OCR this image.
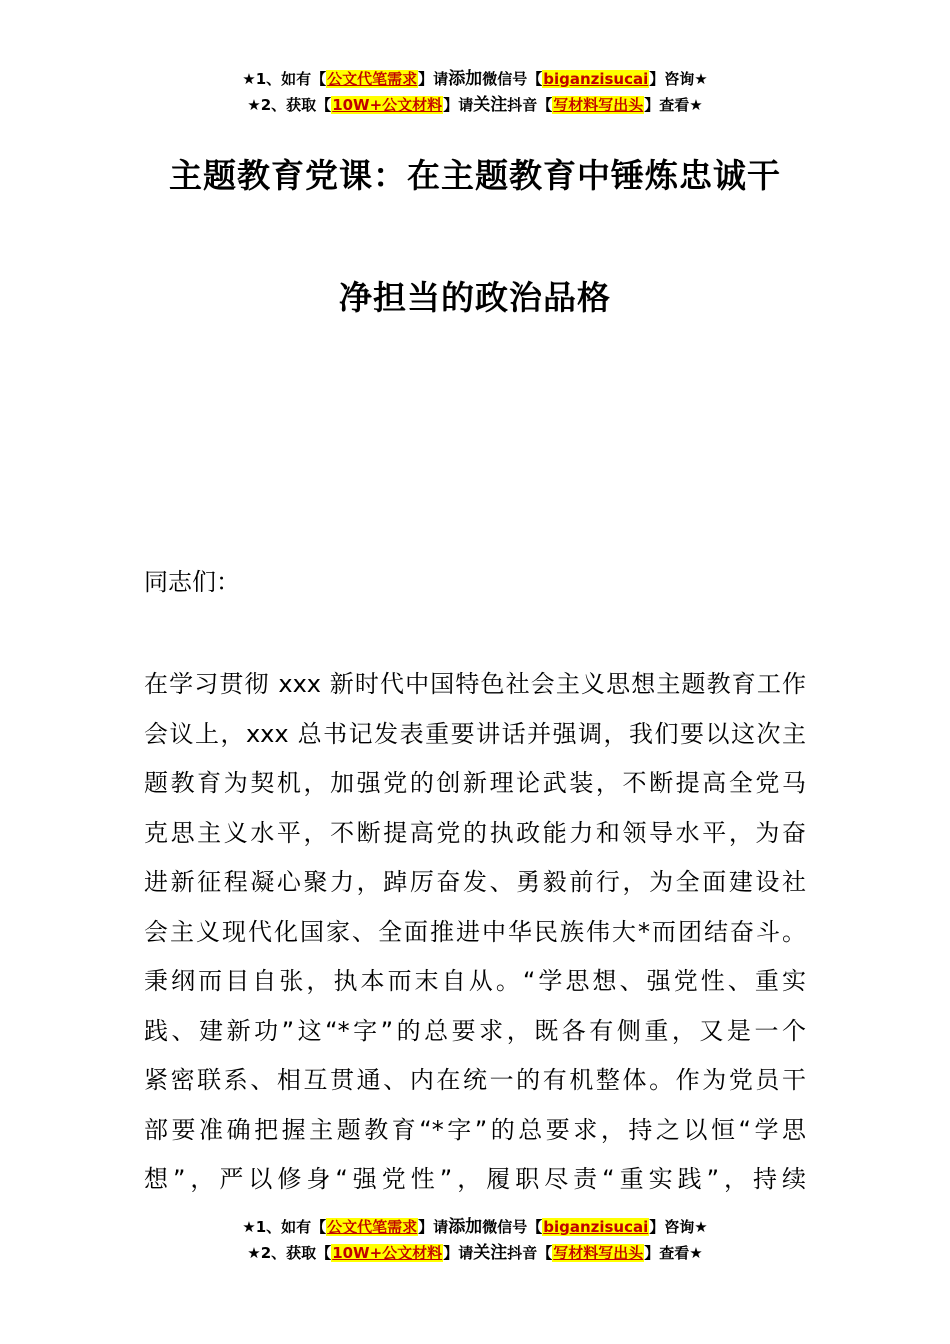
★1、如有【公文代笔需求】请添加微信号【biganzisucai】咨询★
★2、获取【10W+公文材料】请关注抖音【写材料写出头】查看★
主题教育党课：在主题教育中锤炼忠诚干
净担当的政治品格
同志们：
在学习贯彻 xxx 新时代中国特色社会主义思想主题教育工作
会议上，xxx 总书记发表重要讲话并强调，我们要以这次主
题教育为契机，加强党的创新理论武装，不断提高全党马
克思主义水平，不断提高党的执政能力和领导水平，为奋
进新征程凝心聚力，踔厉奋发、勇毅前行，为全面建设社
会主义现代化国家、全面推进中华民族伟大*而团结奋斗。
秉纲而目自张，执本而末自从。“学思想、强党性、重实
践、建新功”这“*字”的总要求，既各有侧重，又是一个
紧密联系、相互贯通、内在统一的有机整体。作为党员干
部要准确把握主题教育“*字”的总要求，持之以恒“学思
想”，严以修身“强党性”，履职尽责“重实践”，持续
★1、如有【公文代笔需求】请添加微信号【biganzisucai】咨询★
★2、获取【10W+公文材料】请关注抖音【写材料写出头】查看★
